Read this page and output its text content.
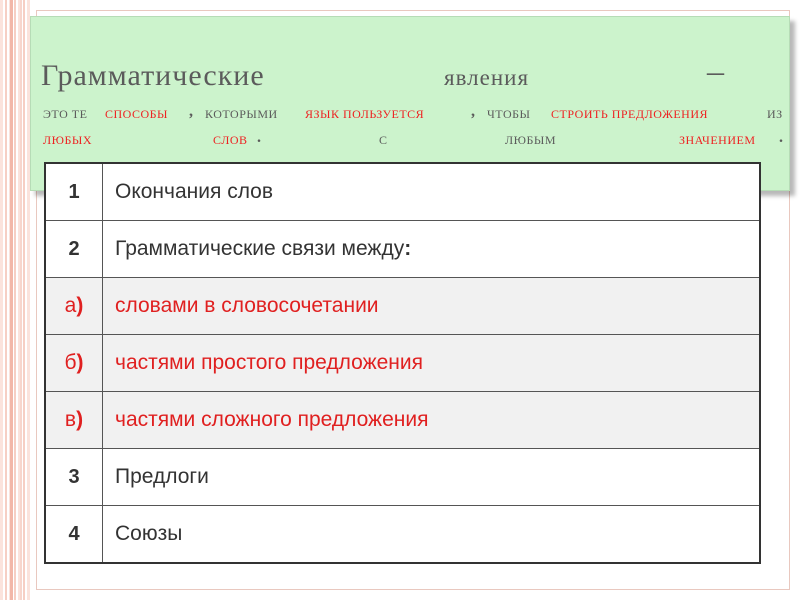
Грамматические	явления	–
ЭТО ТЕ СПОСОБЫ , КОТОРЫМИ ЯЗЫК ПОЛЬЗУЕТСЯ	, ЧТОБЫ СТРОИТЬ ПРЕДЛОЖЕНИЯ	ИЗ
ЛЮБЫХ	СЛОВ .	С	ЛЮБЫМ	ЗНАЧЕНИЕМ .
1	Окончания слов
2	Грамматические связи между:
а)	словами в словосочетании
б)	частями простого предложения
в)	частями сложного предложения
3	Предлоги
4	Союзы
